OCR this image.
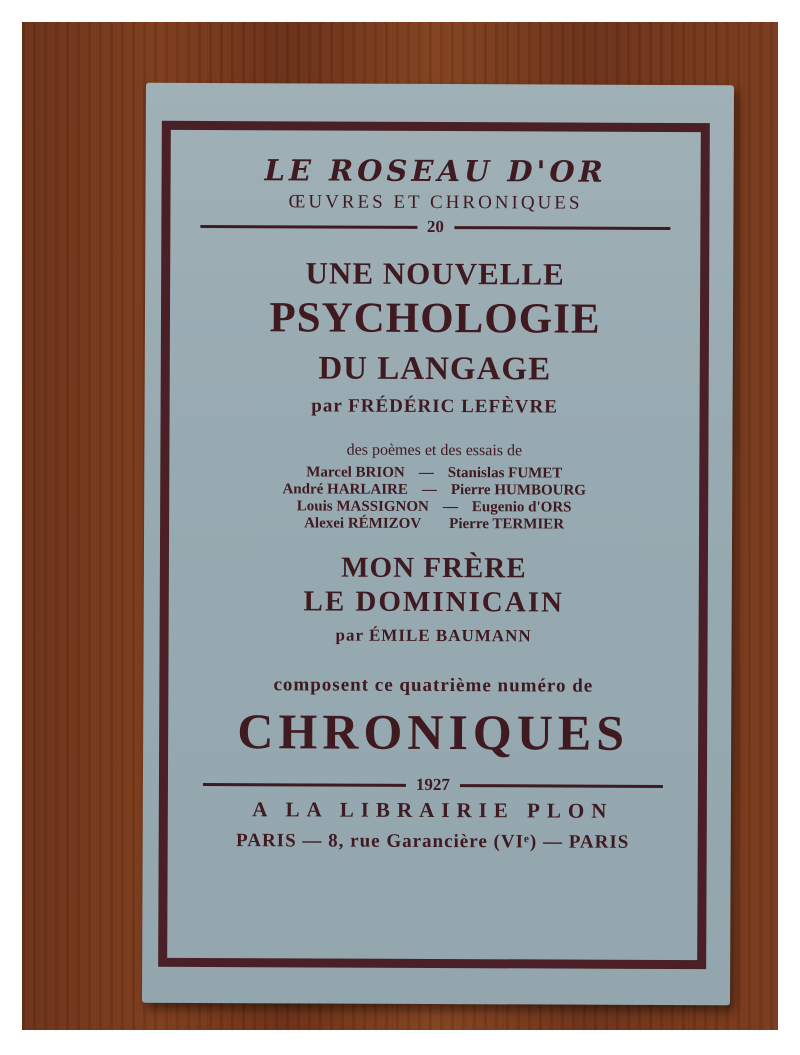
LE ROSEAU D'OR
ŒUVRES ET CHRONIQUES
20
UNE NOUVELLE
PSYCHOLOGIE
DU LANGAGE
par FRÉDÉRIC LEFÈVRE
des poèmes et des essais de
Marcel BRION — Stanislas FUMET
André HARLAIRE — Pierre HUMBOURG
Louis MASSIGNON — Eugenio d'ORS
Alexei RÉMIZOV Pierre TERMIER
MON FRÈRE
LE DOMINICAIN
par ÉMILE BAUMANN
composent ce quatrième numéro de
CHRONIQUES
1927
A LA LIBRAIRIE PLON
PARIS — 8, rue Garancière (VIᵉ) — PARIS
